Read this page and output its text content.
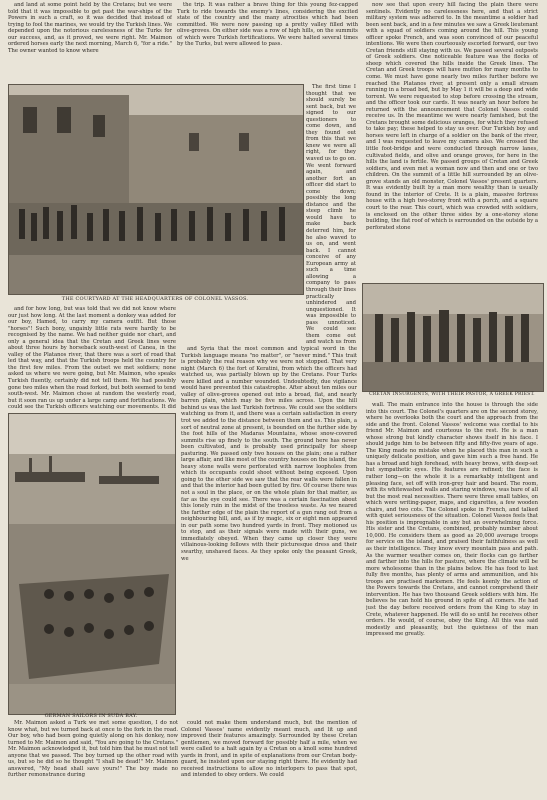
and land at some point held by the Cretans; but we were told that it was impossible to get past the war-ships of the Powers in such a craft, so it was decided that instead of trying to fool the marines, we would try the Turkish lines. We depended upon the notorious carelessness of the Turks for our success, and, as it proved, we were right. Mr. Maimon ordered horses early the next morning, March 6, "for a ride." The owner wanted to know where

the trip. It was rather a brave thing for this young fez-capped Turk to ride towards the enemy's lines, considering the excited state of the country and the many atrocities which had been committed. We were now passing up a pretty valley filled with olive-groves. On either side was a row of high hills, on the summits of which were Turkish fortifications. We were halted several times by the Turks, but were allowed to pass.

The first time I thought that we should surely be sent back, but we signed to our questioners to come down, and they found out from this that we knew we were all right, for they waved us to go on. We went forward again, and another fort an officer did start to come down; possibly the long distance and the steep climb he would have to make back deterred him, for he also waved to us on, and went back. I cannot conceive of any European army at such a time allowing a company to pass through their lines practically unhindered and unquestioned. It was impossible to pass unnoticed. We could see them come out and watch us from

now see that upon every hill facing the plain there were sentinels. Evidently no carelessness here, and that a strict military system was adhered to. In the meantime a soldier had been sent back, and in a few minutes we saw a Greek lieutenant with a squad of soldiers coming around the hill. This young officer spoke French, and was soon convinced of our peaceful intentions. We were then courteously escorted forward, our two Cretan friends still staying with us. We passed several outposts of Greek soldiers. One noticeable feature was the flocks of sheep which covered the hills inside the Greek lines. The Cretan and Greek troops will have mutton for many months to come. We must have gone nearly two miles further before we reached the Platanos river, at present only a small stream running in a broad bed, but by May 1 it will be a deep and wide torrent. We were requested to stop before crossing the stream, and the officer took our cards. It was nearly an hour before he returned with the announcement that Colonel Vassos could receive us. In the meantime we were nearly famished, but the Cretans brought some delicious oranges, for which they refused to take pay; these helped to stay us over. Our Turkish boy and horses were left in charge of a soldier on the bank of the river, and I was requested to leave my camera also. We crossed the little foot-bridge and were conducted through narrow lanes, cultivated fields, and olive and orange groves, for here in the hills the land is fertile. We passed groups of Cretan and Greek soldiers, and even met a woman now and then and one or two children. On the summit of a little hill surrounded by an olive-grove stands an old monster, Colonel Vassos' present quarters. It was evidently built by a man more wealthy than is usually found in the interior of Crete. It is a plain, massive fortress house with a high two-storey front with a porch, and a square court to the rear. This court, which was crowded with soldiers, is enclosed on the other three sides by a one-storey stone building, the flat roof of which is surrounded on the outside by a perforated stone

THE COURTYARD AT THE HEADQUARTERS OF COLONEL VASSOS.
CRETAN INSURGENTS, WITH THEIR PASTOR, A GREEK PRIEST.

and for how long, but was told that we did not know where our just how long. At the last moment a donkey was added for our boy, Hamed, to carry my camera outfit. But those "horses"! Such bony, ungainly little rats were hardly to be recognised by the name. We had neither guide nor chart, and only a general idea that the Cretan and Greek lines were about three hours by horseback south-west of Canea, in the valley of the Platanos river, that there was a sort of road that led that way, and that the Turkish troops held the country for the first few miles. From the outset we met soldiers; none asked us where we were going, but Mr. Maimon, who speaks Turkish fluently, certainly did not tell them. We had possibly gone two miles when the road forked, but both seemed to tend south-west. Mr. Maimon chose at random the westerly road, but it soon ran us up under a large camp and fortifications. We could see the Turkish officers watching our movements. It did

and Syria that the most common and typical word in the Turkish language means "no matter", or "never mind." This trait is probably the real reason why we were not stopped. That very night (March 6) the fort of Keratini, from which the officers had watched us, was partially blown up by the Cretans. Four Turks were killed and a number wounded. Undoubtedly, due vigilance would have prevented this catastrophe. After about ten miles our valley of olive-groves opened out into a broad, flat, and nearly barren plain, which may be five miles across. Upon the hill behind us was the last Turkish fortress. We could see the soldiers watching us from it, and there was a certain satisfaction in every trot we added to the distance between them and us. This plain, a sort of neutral zone at present, is bounded on the further side by the foot hills of the Madaras Mountains, whose snow-covered summits rise up finely to the south. The ground here has never been cultivated, and is probably used principally for sheep pasturing. We passed only two houses on the plain; one a rather large affair, and like most of the country houses on the island, the heavy stone walls were perforated with narrow loopholes from which its occupants could shoot without being exposed. Upon going to the other side we saw that the rear walls were fallen in and that the interior had been gutted by fire. Of course there was not a soul in the place, or on the whole plain for that matter, as far as the eye could see. There was a certain fascination about this lonely ruin in the midst of the treeless waste. As we neared the farther edge of the plain the report of a gun rang out from a neighbouring hill, and, as if by magic, six or eight men appeared in our path some two hundred yards in front. They motioned us to stop, and as their signals were made with their guns, we immediately obeyed. When they came up closer they were villainous-looking fellows with their picturesque dress and their swarthy, unshaved faces. As they spoke only the peasant Greek, we

wall. The main entrance into the house is through the side into this court. The Colonel's quarters are on the second storey, where he overlooks both the court and the approach from the side and the front. Colonel Vassos' welcome was cordial to his friend Mr. Maimon and courteous to the rest. He is a man whose strong but kindly character shows itself in his face. I should judge him to be between fifty and fifty-five years of age. The King made no mistake when he placed this man in such a uniquely delicate position, and gave him such a free hand. He has a broad and high forehead, with heavy brows, with deep-set but sympathetic eyes. His features are refined; the face is rather long—on the whole it is a remarkably intelligent and pleasing face, set off with iron-grey hair and beard. The room, with its whitewashed walls and staring windows, was bare of all but the most real necessities. There were three small tables, on which were writing-paper, maps, and cigarettes, a few wooden chairs, and two cots. The Colonel spoke in French, and talked with quiet seriousness of the situation. Colonel Vassos feels that his position is impregnable in any but an overwhelming force. His sister and the Cretans, combined, probably number about 10,000. He considers them as good as 20,000 average troops for service on the island, and praised their faithfulness as well as their intelligence. They know every mountain pass and path. As the warmer weather comes on, their flocks can go farther and farther into the hills for pasture, where the climate will be more wholesome than in the plains below. He has food to last fully five months, has plenty of arms and ammunition, and his troops are practised marksmen. He feels keenly the action of the Powers towards the Cretans, and cannot comprehend their intervention. He has two thousand Greek soldiers with him. He believes he can hold his ground in spite of all comers. He had just the day before received orders from the King to stay in Crete, whatever happened. He will do so until he receives other orders. He would, of course, obey the King. All this was said modestly and pleasantly, but the quietness of the man impressed me greatly.

GERMAN SAILORS IN SUDA BAY.

Mr. Maimon asked a Turk we met some question, I do not know what, but we turned back at once to the fork in the road. Our boy, who had been going quietly along on his donkey, now turned to Mr. Maimon and said, "You are going to the Cretans." Mr. Maimon acknowledged it, but told him that he must not tell anyone that we passed. The boy turned up the other road with us, but so he did so he thought "I shall be dead!" Mr. Maimon answered, "My head shall save yours!" The boy made no further remonstrance during

could not make them understand much, but the mention of Colonel Vassos' name evidently meant much, and lit up and improved their features amazingly. Surrounded by these Cretan gentlemen, we moved forward for possibly half a mile, when we were called to a halt again by a Cretan on a knoll some hundred yards in front, and in spite of explanations from our Cretan body-guard, he insisted upon our staying right there. He evidently had received instructions to allow no interlopers to pass that spot, and intended to obey orders. We could
